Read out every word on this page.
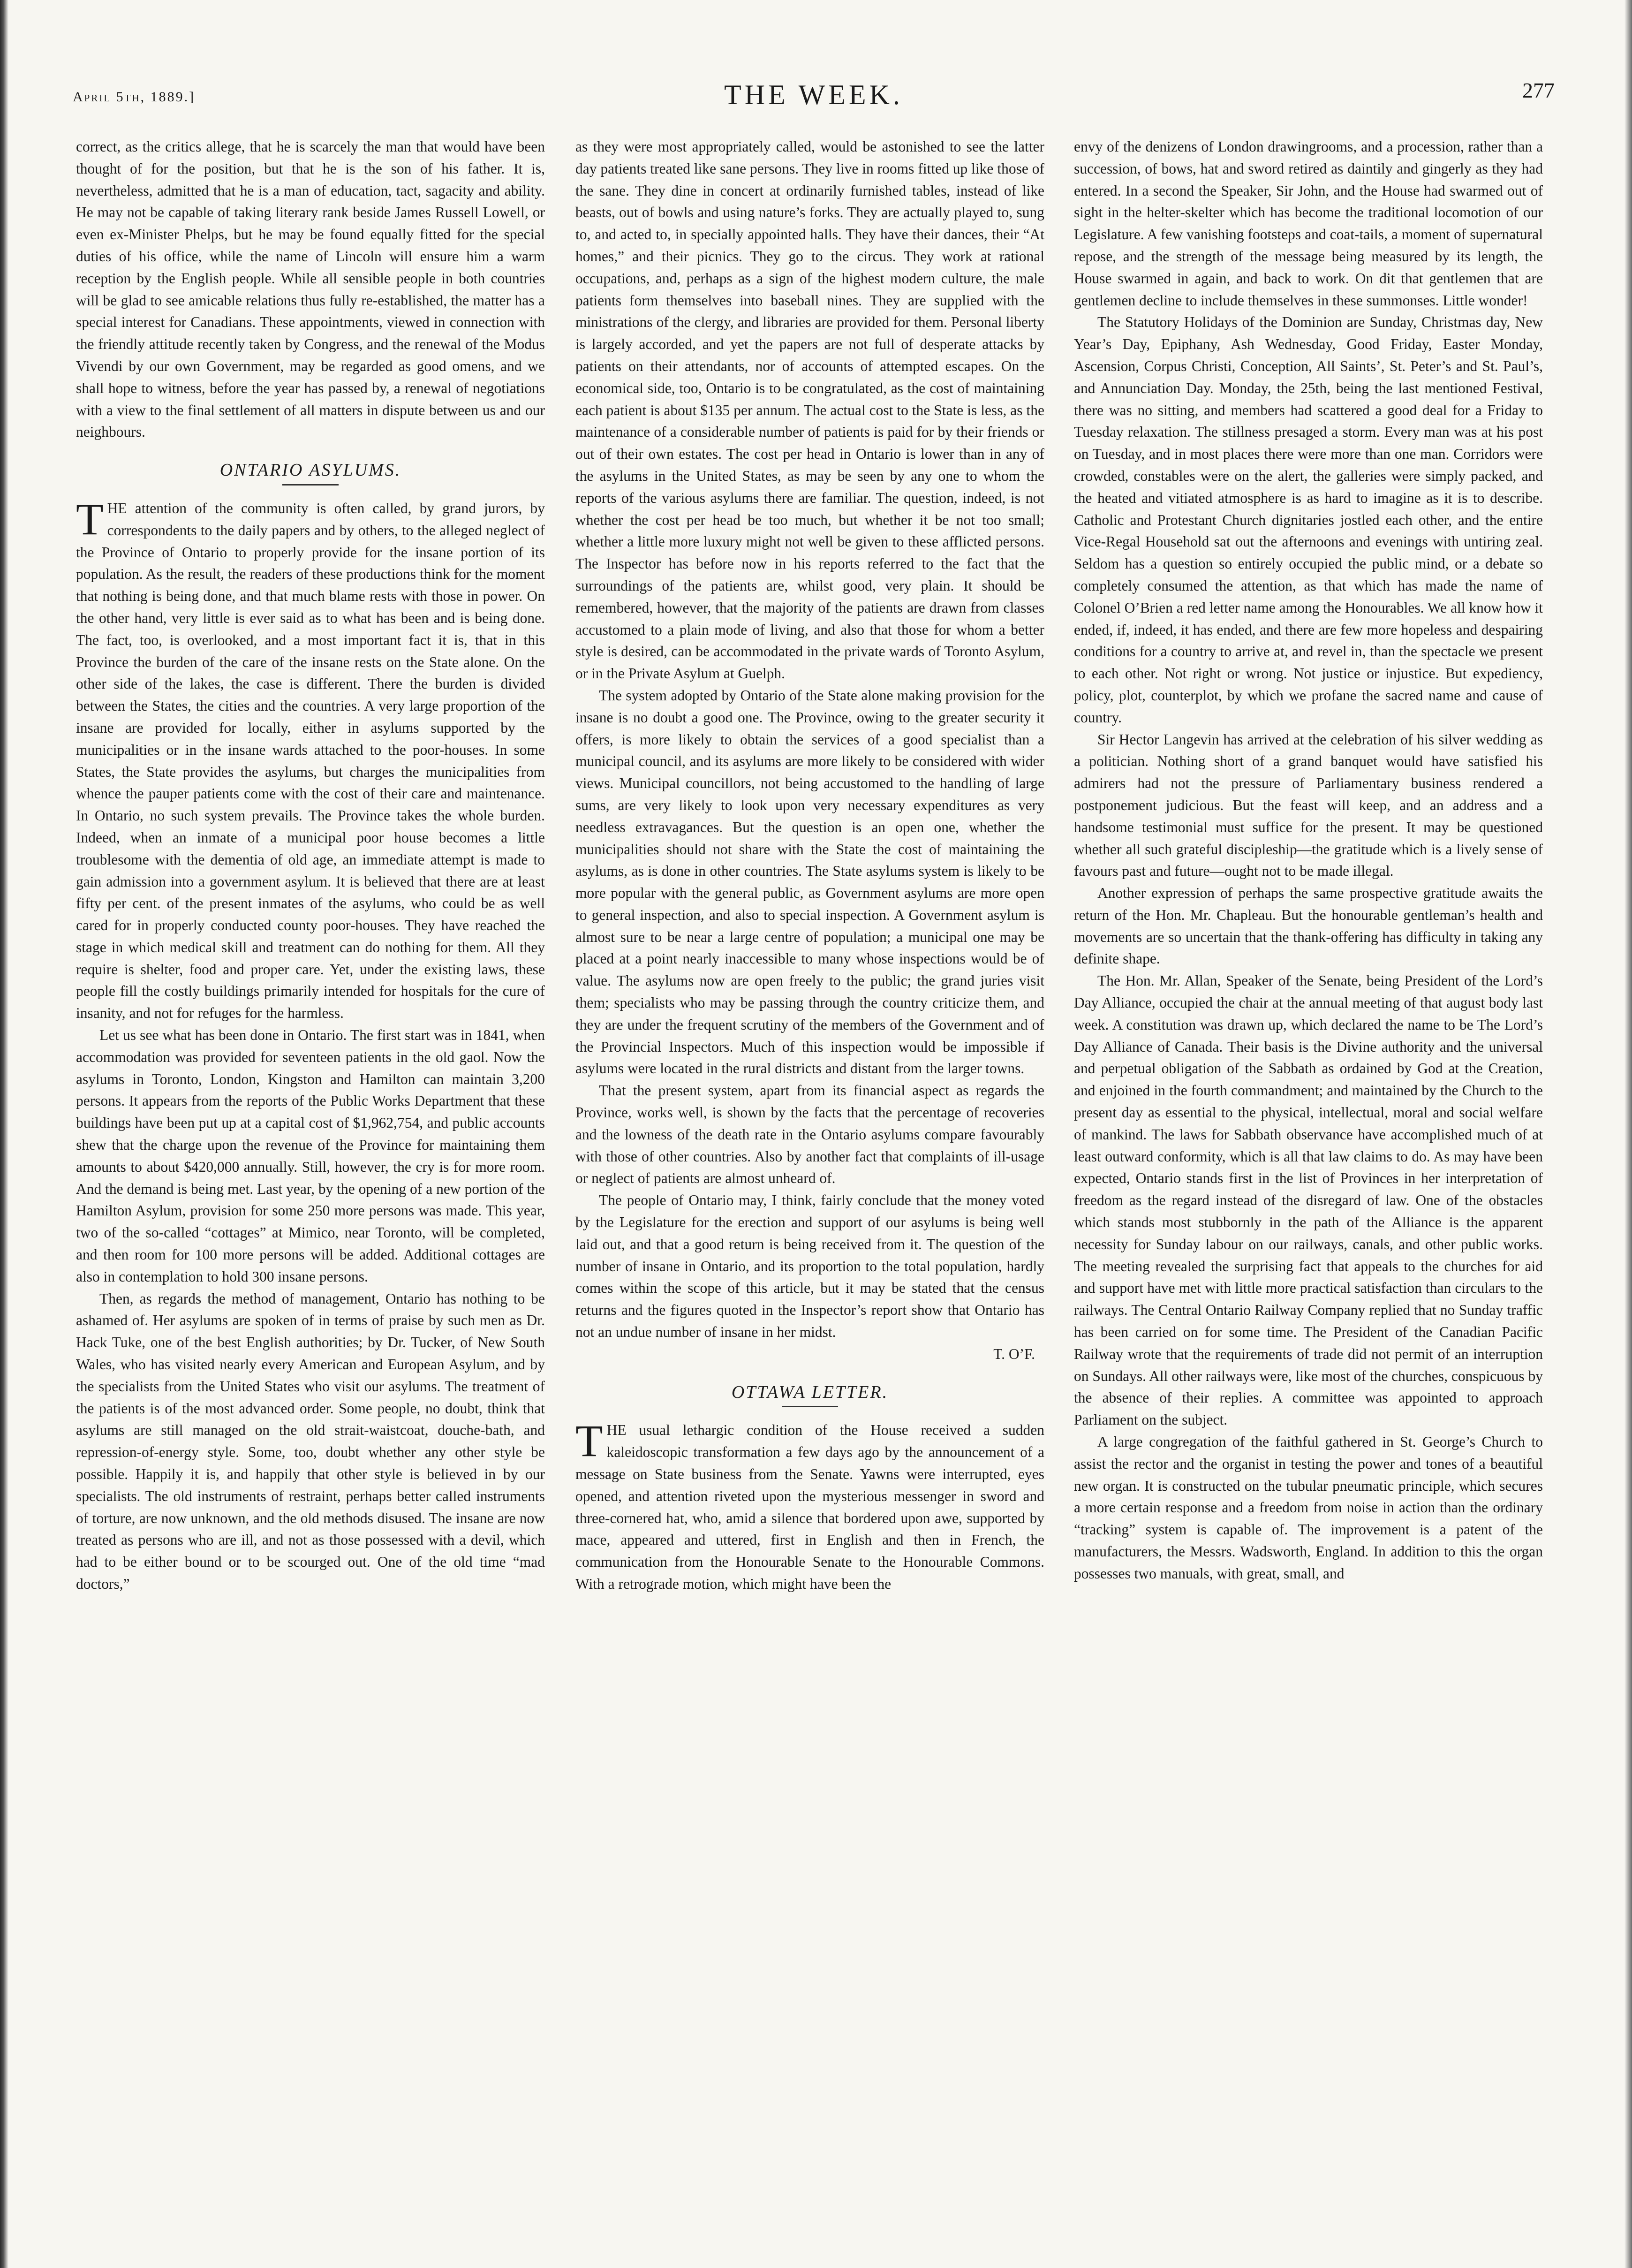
April 5th, 1889.]	THE WEEK.	277

correct, as the critics allege, that he is scarcely the man that would have been thought of for the position, but that he is the son of his father. It is, nevertheless, admitted that he is a man of education, tact, sagacity and ability. He may not be capable of taking literary rank beside James Russell Lowell, or even ex-Minister Phelps, but he may be found equally fitted for the special duties of his office, while the name of Lincoln will ensure him a warm reception by the English people. While all sensible people in both countries will be glad to see amicable relations thus fully re-established, the matter has a special interest for Canadians. These appointments, viewed in connection with the friendly attitude recently taken by Congress, and the renewal of the Modus Vivendi by our own Government, may be regarded as good omens, and we shall hope to witness, before the year has passed by, a renewal of negotiations with a view to the final settlement of all matters in dispute between us and our neighbours.

ONTARIO ASYLUMS.

THE attention of the community is often called, by grand jurors, by correspondents to the daily papers and by others, to the alleged neglect of the Province of Ontario to properly provide for the insane portion of its population. As the result, the readers of these productions think for the moment that nothing is being done, and that much blame rests with those in power. On the other hand, very little is ever said as to what has been and is being done. The fact, too, is overlooked, and a most important fact it is, that in this Province the burden of the care of the insane rests on the State alone. On the other side of the lakes, the case is different. There the burden is divided between the States, the cities and the countries. A very large proportion of the insane are provided for locally, either in asylums supported by the municipalities or in the insane wards attached to the poor-houses. In some States, the State provides the asylums, but charges the municipalities from whence the pauper patients come with the cost of their care and maintenance. In Ontario, no such system prevails. The Province takes the whole burden. Indeed, when an inmate of a municipal poor house becomes a little troublesome with the dementia of old age, an immediate attempt is made to gain admission into a government asylum. It is believed that there are at least fifty per cent. of the present inmates of the asylums, who could be as well cared for in properly conducted county poor-houses. They have reached the stage in which medical skill and treatment can do nothing for them. All they require is shelter, food and proper care. Yet, under the existing laws, these people fill the costly buildings primarily intended for hospitals for the cure of insanity, and not for refuges for the harmless.

Let us see what has been done in Ontario. The first start was in 1841, when accommodation was provided for seventeen patients in the old gaol. Now the asylums in Toronto, London, Kingston and Hamilton can maintain 3,200 persons. It appears from the reports of the Public Works Department that these buildings have been put up at a capital cost of $1,962,754, and public accounts shew that the charge upon the revenue of the Province for maintaining them amounts to about $420,000 annually. Still, however, the cry is for more room. And the demand is being met. Last year, by the opening of a new portion of the Hamilton Asylum, provision for some 250 more persons was made. This year, two of the so-called “cottages” at Mimico, near Toronto, will be completed, and then room for 100 more persons will be added. Additional cottages are also in contemplation to hold 300 insane persons.

Then, as regards the method of management, Ontario has nothing to be ashamed of. Her asylums are spoken of in terms of praise by such men as Dr. Hack Tuke, one of the best English authorities; by Dr. Tucker, of New South Wales, who has visited nearly every American and European Asylum, and by the specialists from the United States who visit our asylums. The treatment of the patients is of the most advanced order. Some people, no doubt, think that asylums are still managed on the old strait-waistcoat, douche-bath, and repression-of-energy style. Some, too, doubt whether any other style be possible. Happily it is, and happily that other style is believed in by our specialists. The old instruments of restraint, perhaps better called instruments of torture, are now unknown, and the old methods disused. The insane are now treated as persons who are ill, and not as those possessed with a devil, which had to be either bound or to be scourged out. One of the old time “mad doctors,”

as they were most appropriately called, would be astonished to see the latter day patients treated like sane persons. They live in rooms fitted up like those of the sane. They dine in concert at ordinarily furnished tables, instead of like beasts, out of bowls and using nature’s forks. They are actually played to, sung to, and acted to, in specially appointed halls. They have their dances, their “At homes,” and their picnics. They go to the circus. They work at rational occupations, and, perhaps as a sign of the highest modern culture, the male patients form themselves into baseball nines. They are supplied with the ministrations of the clergy, and libraries are provided for them. Personal liberty is largely accorded, and yet the papers are not full of desperate attacks by patients on their attendants, nor of accounts of attempted escapes. On the economical side, too, Ontario is to be congratulated, as the cost of maintaining each patient is about $135 per annum. The actual cost to the State is less, as the maintenance of a considerable number of patients is paid for by their friends or out of their own estates. The cost per head in Ontario is lower than in any of the asylums in the United States, as may be seen by any one to whom the reports of the various asylums there are familiar. The question, indeed, is not whether the cost per head be too much, but whether it be not too small; whether a little more luxury might not well be given to these afflicted persons. The Inspector has before now in his reports referred to the fact that the surroundings of the patients are, whilst good, very plain. It should be remembered, however, that the majority of the patients are drawn from classes accustomed to a plain mode of living, and also that those for whom a better style is desired, can be accommodated in the private wards of Toronto Asylum, or in the Private Asylum at Guelph.

The system adopted by Ontario of the State alone making provision for the insane is no doubt a good one. The Province, owing to the greater security it offers, is more likely to obtain the services of a good specialist than a municipal council, and its asylums are more likely to be considered with wider views. Municipal councillors, not being accustomed to the handling of large sums, are very likely to look upon very necessary expenditures as very needless extravagances. But the question is an open one, whether the municipalities should not share with the State the cost of maintaining the asylums, as is done in other countries. The State asylums system is likely to be more popular with the general public, as Government asylums are more open to general inspection, and also to special inspection. A Government asylum is almost sure to be near a large centre of population; a municipal one may be placed at a point nearly inaccessible to many whose inspections would be of value. The asylums now are open freely to the public; the grand juries visit them; specialists who may be passing through the country criticize them, and they are under the frequent scrutiny of the members of the Government and of the Provincial Inspectors. Much of this inspection would be impossible if asylums were located in the rural districts and distant from the larger towns.

That the present system, apart from its financial aspect as regards the Province, works well, is shown by the facts that the percentage of recoveries and the lowness of the death rate in the Ontario asylums compare favourably with those of other countries. Also by another fact that complaints of ill-usage or neglect of patients are almost unheard of.

The people of Ontario may, I think, fairly conclude that the money voted by the Legislature for the erection and support of our asylums is being well laid out, and that a good return is being received from it. The question of the number of insane in Ontario, and its proportion to the total population, hardly comes within the scope of this article, but it may be stated that the census returns and the figures quoted in the Inspector’s report show that Ontario has not an undue number of insane in her midst.

T. O’F.

OTTAWA LETTER.

THE usual lethargic condition of the House received a sudden kaleidoscopic transformation a few days ago by the announcement of a message on State business from the Senate. Yawns were interrupted, eyes opened, and attention riveted upon the mysterious messenger in sword and three-cornered hat, who, amid a silence that bordered upon awe, supported by mace, appeared and uttered, first in English and then in French, the communication from the Honourable Senate to the Honourable Commons. With a retrograde motion, which might have been the

envy of the denizens of London drawingrooms, and a procession, rather than a succession, of bows, hat and sword retired as daintily and gingerly as they had entered. In a second the Speaker, Sir John, and the House had swarmed out of sight in the helter-skelter which has become the traditional locomotion of our Legislature. A few vanishing footsteps and coat-tails, a moment of supernatural repose, and the strength of the message being measured by its length, the House swarmed in again, and back to work. On dit that gentlemen that are gentlemen decline to include themselves in these summonses. Little wonder!

The Statutory Holidays of the Dominion are Sunday, Christmas day, New Year’s Day, Epiphany, Ash Wednesday, Good Friday, Easter Monday, Ascension, Corpus Christi, Conception, All Saints’, St. Peter’s and St. Paul’s, and Annunciation Day. Monday, the 25th, being the last mentioned Festival, there was no sitting, and members had scattered a good deal for a Friday to Tuesday relaxation. The stillness presaged a storm. Every man was at his post on Tuesday, and in most places there were more than one man. Corridors were crowded, constables were on the alert, the galleries were simply packed, and the heated and vitiated atmosphere is as hard to imagine as it is to describe. Catholic and Protestant Church dignitaries jostled each other, and the entire Vice-Regal Household sat out the afternoons and evenings with untiring zeal. Seldom has a question so entirely occupied the public mind, or a debate so completely consumed the attention, as that which has made the name of Colonel O’Brien a red letter name among the Honourables. We all know how it ended, if, indeed, it has ended, and there are few more hopeless and despairing conditions for a country to arrive at, and revel in, than the spectacle we present to each other. Not right or wrong. Not justice or injustice. But expediency, policy, plot, counterplot, by which we profane the sacred name and cause of country.

Sir Hector Langevin has arrived at the celebration of his silver wedding as a politician. Nothing short of a grand banquet would have satisfied his admirers had not the pressure of Parliamentary business rendered a postponement judicious. But the feast will keep, and an address and a handsome testimonial must suffice for the present. It may be questioned whether all such grateful discipleship—the gratitude which is a lively sense of favours past and future—ought not to be made illegal.

Another expression of perhaps the same prospective gratitude awaits the return of the Hon. Mr. Chapleau. But the honourable gentleman’s health and movements are so uncertain that the thank-offering has difficulty in taking any definite shape.

The Hon. Mr. Allan, Speaker of the Senate, being President of the Lord’s Day Alliance, occupied the chair at the annual meeting of that august body last week. A constitution was drawn up, which declared the name to be The Lord’s Day Alliance of Canada. Their basis is the Divine authority and the universal and perpetual obligation of the Sabbath as ordained by God at the Creation, and enjoined in the fourth commandment; and maintained by the Church to the present day as essential to the physical, intellectual, moral and social welfare of mankind. The laws for Sabbath observance have accomplished much of at least outward conformity, which is all that law claims to do. As may have been expected, Ontario stands first in the list of Provinces in her interpretation of freedom as the regard instead of the disregard of law. One of the obstacles which stands most stubbornly in the path of the Alliance is the apparent necessity for Sunday labour on our railways, canals, and other public works. The meeting revealed the surprising fact that appeals to the churches for aid and support have met with little more practical satisfaction than circulars to the railways. The Central Ontario Railway Company replied that no Sunday traffic has been carried on for some time. The President of the Canadian Pacific Railway wrote that the requirements of trade did not permit of an interruption on Sundays. All other railways were, like most of the churches, conspicuous by the absence of their replies. A committee was appointed to approach Parliament on the subject.

A large congregation of the faithful gathered in St. George’s Church to assist the rector and the organist in testing the power and tones of a beautiful new organ. It is constructed on the tubular pneumatic principle, which secures a more certain response and a freedom from noise in action than the ordinary “tracking” system is capable of. The improvement is a patent of the manufacturers, the Messrs. Wadsworth, England. In addition to this the organ possesses two manuals, with great, small, and
